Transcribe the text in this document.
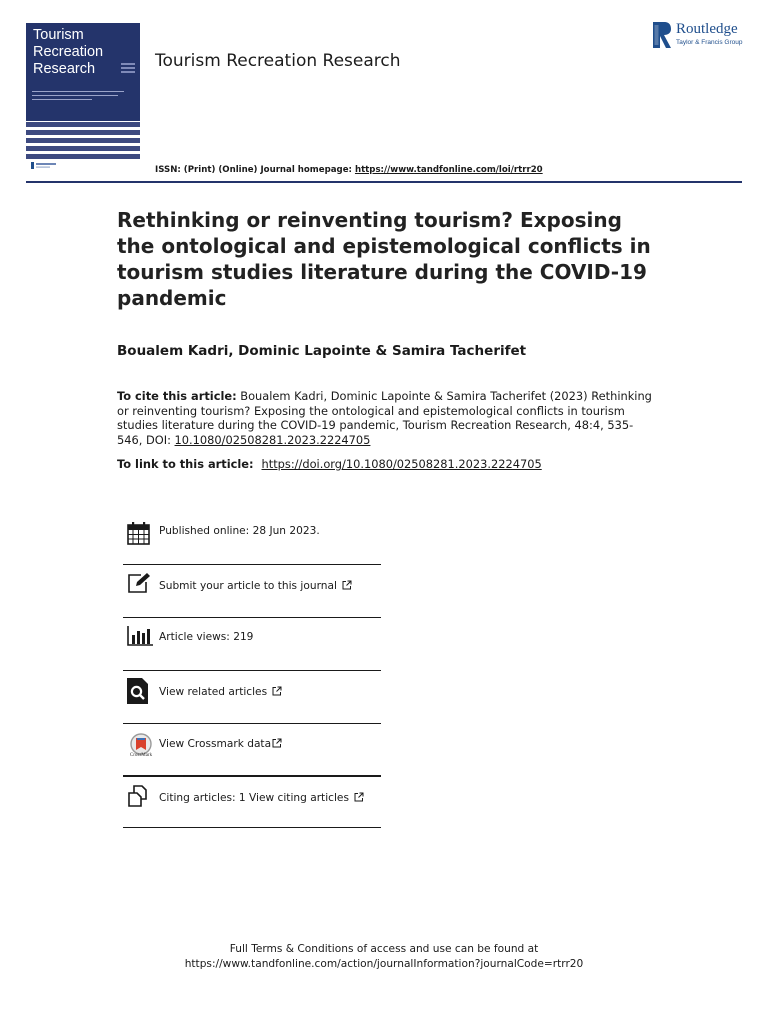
Tourism Recreation Research	Tourism Recreation Research
Routledge
Taylor & Francis Group
ISSN: (Print) (Online) Journal homepage: https://www.tandfonline.com/loi/rtrr20
Rethinking or reinventing tourism? Exposing the ontological and epistemological conflicts in tourism studies literature during the COVID-19 pandemic
Boualem Kadri, Dominic Lapointe & Samira Tacherifet
To cite this article: Boualem Kadri, Dominic Lapointe & Samira Tacherifet (2023) Rethinking or reinventing tourism? Exposing the ontological and epistemological conflicts in tourism studies literature during the COVID-19 pandemic, Tourism Recreation Research, 48:4, 535-546, DOI: 10.1080/02508281.2023.2224705
To link to this article: https://doi.org/10.1080/02508281.2023.2224705
Published online: 28 Jun 2023.
Submit your article to this journal
Article views: 219
View related articles
CrossMark
View Crossmark data
Citing articles: 1 View citing articles
Full Terms & Conditions of access and use can be found at
https://www.tandfonline.com/action/journalInformation?journalCode=rtrr20
